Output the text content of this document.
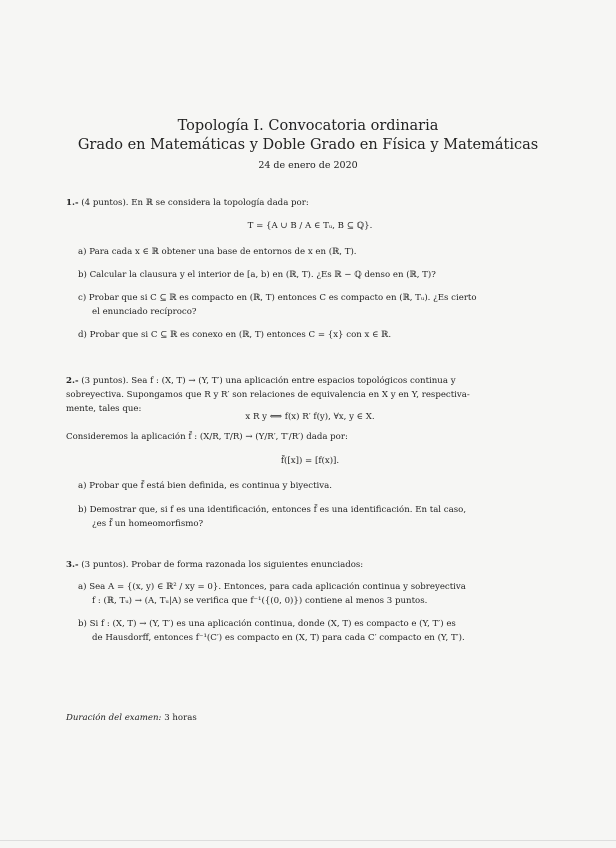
Topología I. Convocatoria ordinaria
Grado en Matemáticas y Doble Grado en Física y Matemáticas
24 de enero de 2020
1.- (4 puntos). En ℝ se considera la topología dada por:
T = {A ∪ B / A ∈ Tᵤ, B ⊆ ℚ}.
a) Para cada x ∈ ℝ obtener una base de entornos de x en (ℝ, T).
b) Calcular la clausura y el interior de [a, b) en (ℝ, T). ¿Es ℝ − ℚ denso en (ℝ, T)?
c) Probar que si C ⊆ ℝ es compacto en (ℝ, T) entonces C es compacto en (ℝ, Tᵤ). ¿Es cierto
el enunciado recíproco?
d) Probar que si C ⊆ ℝ es conexo en (ℝ, T) entonces C = {x} con x ∈ ℝ.
2.- (3 puntos). Sea f : (X, T) → (Y, T′) una aplicación entre espacios topológicos continua y
sobreyectiva. Supongamos que R y R′ son relaciones de equivalencia en X y en Y, respectiva-
mente, tales que:
x R y ⟺ f(x) R′ f(y), ∀x, y ∈ X.
Consideremos la aplicación f̃ : (X/R, T/R) → (Y/R′, T′/R′) dada por:
f̃([x]) = [f(x)].
a) Probar que f̃ está bien definida, es continua y biyectiva.
b) Demostrar que, si f es una identificación, entonces f̃ es una identificación. En tal caso,
¿es f̃ un homeomorfismo?
3.- (3 puntos). Probar de forma razonada los siguientes enunciados:
a) Sea A = {(x, y) ∈ ℝ² / xy = 0}. Entonces, para cada aplicación continua y sobreyectiva
f : (ℝ, Tᵤ) → (A, Tᵤ|A) se verifica que f⁻¹({(0, 0)}) contiene al menos 3 puntos.
b) Si f : (X, T) → (Y, T′) es una aplicación continua, donde (X, T) es compacto e (Y, T′) es
de Hausdorff, entonces f⁻¹(C′) es compacto en (X, T) para cada C′ compacto en (Y, T′).
Duración del examen: 3 horas
